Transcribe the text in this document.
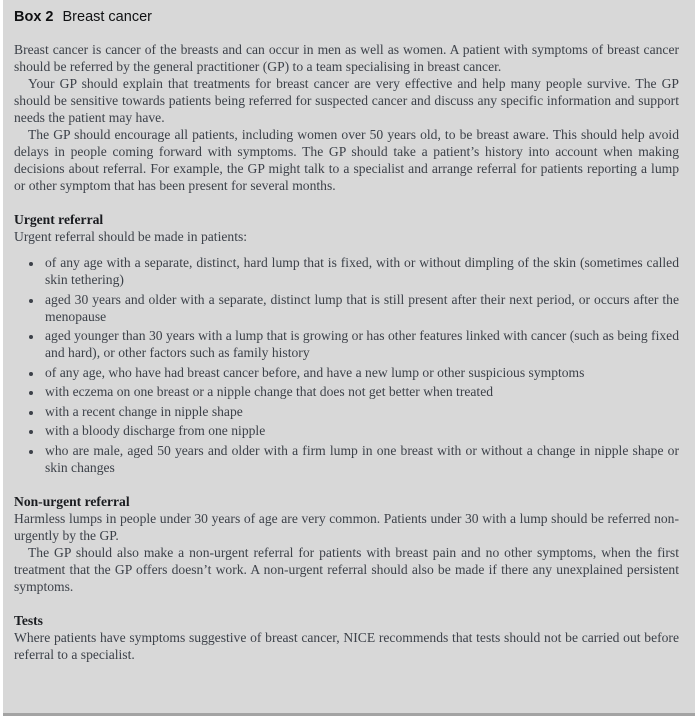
Box 2 Breast cancer

Breast cancer is cancer of the breasts and can occur in men as well as women. A patient with symptoms of breast cancer should be referred by the general practitioner (GP) to a team specialising in breast cancer.

Your GP should explain that treatments for breast cancer are very effective and help many people survive. The GP should be sensitive towards patients being referred for suspected cancer and discuss any specific information and support needs the patient may have.

The GP should encourage all patients, including women over 50 years old, to be breast aware. This should help avoid delays in people coming forward with symptoms. The GP should take a patient’s history into account when making decisions about referral. For example, the GP might talk to a specialist and arrange referral for patients reporting a lump or other symptom that has been present for several months.

Urgent referral

Urgent referral should be made in patients:

• of any age with a separate, distinct, hard lump that is fixed, with or without dimpling of the skin (sometimes called skin tethering)
• aged 30 years and older with a separate, distinct lump that is still present after their next period, or occurs after the menopause
• aged younger than 30 years with a lump that is growing or has other features linked with cancer (such as being fixed and hard), or other factors such as family history
• of any age, who have had breast cancer before, and have a new lump or other suspicious symptoms
• with eczema on one breast or a nipple change that does not get better when treated
• with a recent change in nipple shape
• with a bloody discharge from one nipple
• who are male, aged 50 years and older with a firm lump in one breast with or without a change in nipple shape or skin changes
Non-urgent referral

Harmless lumps in people under 30 years of age are very common. Patients under 30 with a lump should be referred non-urgently by the GP.

The GP should also make a non-urgent referral for patients with breast pain and no other symptoms, when the first treatment that the GP offers doesn’t work. A non-urgent referral should also be made if there any unexplained persistent symptoms.

Tests

Where patients have symptoms suggestive of breast cancer, NICE recommends that tests should not be carried out before referral to a specialist.
